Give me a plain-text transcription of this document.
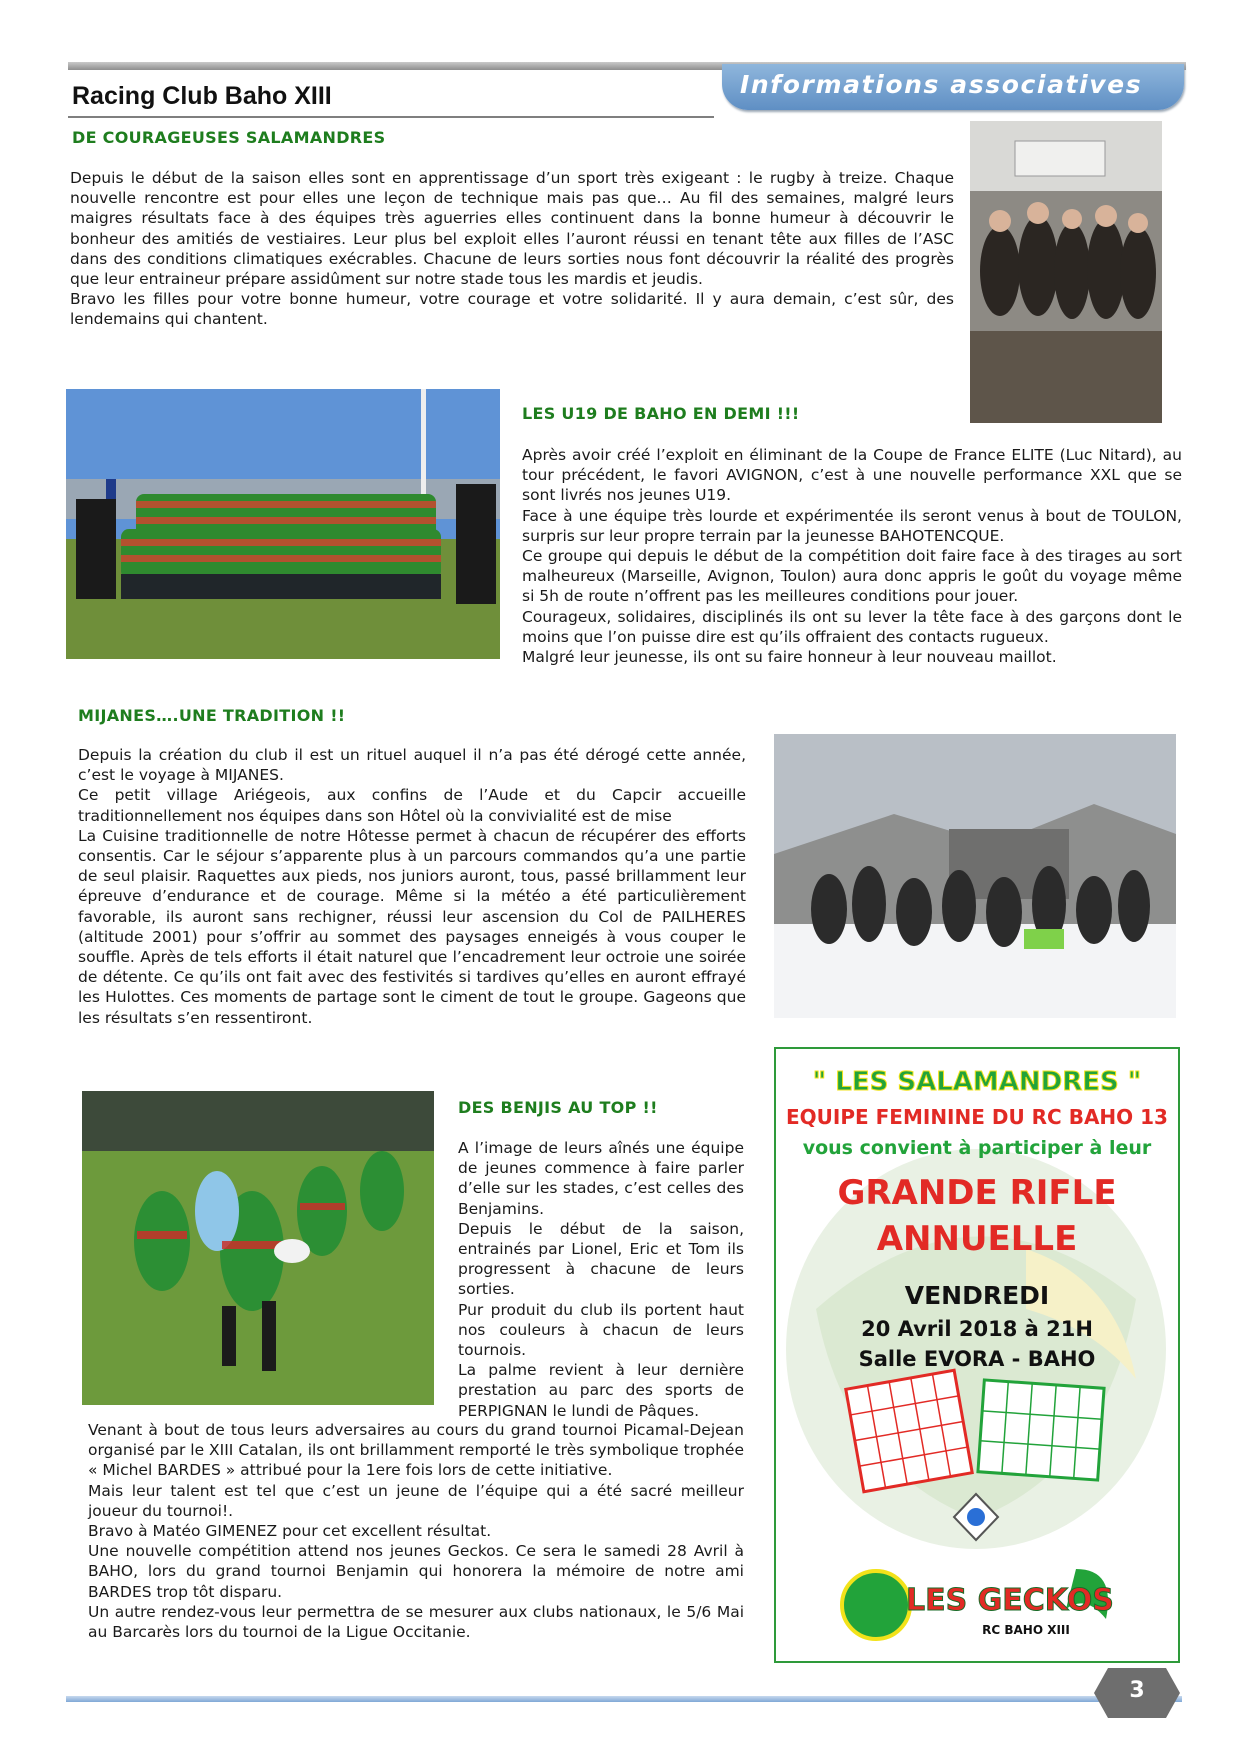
Informations associatives
Racing Club Baho XIII
DE COURAGEUSES SALAMANDRES

Depuis le début de la saison elles sont en apprentissage d’un sport très exigeant : le rugby à treize. Chaque nouvelle rencontre est pour elles une leçon de technique mais pas que… Au fil des semaines, malgré leurs maigres résultats face à des équipes très aguerries elles continuent dans la bonne humeur à découvrir le bonheur des amitiés de vestiaires. Leur plus bel exploit elles l’auront réussi en tenant tête aux filles de l’ASC dans des conditions climatiques exécrables. Chacune de leurs sorties nous font découvrir la réalité des progrès que leur entraineur prépare assidûment sur notre stade tous les mardis et jeudis.

Bravo les filles pour votre bonne humeur, votre courage et votre solidarité. Il y aura demain, c’est sûr, des lendemains qui chantent.

LES U19 DE BAHO EN DEMI !!!

Après avoir créé l’exploit en éliminant de la Coupe de France ELITE (Luc Nitard), au tour précédent, le favori AVIGNON, c’est à une nouvelle performance XXL que se sont livrés nos jeunes U19.

Face à une équipe très lourde et expérimentée ils seront venus à bout de TOULON, surpris sur leur propre terrain par la jeunesse BAHOTENCQUE.

Ce groupe qui depuis le début de la compétition doit faire face à des tirages au sort malheureux (Marseille, Avignon, Toulon) aura donc appris le goût du voyage même si 5h de route n’offrent pas les meilleures conditions pour jouer.

Courageux, solidaires, disciplinés ils ont su lever la tête face à des garçons dont le moins que l’on puisse dire est qu’ils offraient des contacts rugueux.

Malgré leur jeunesse, ils ont su faire honneur à leur nouveau maillot.

MIJANES….UNE TRADITION !!

Depuis la création du club il est un rituel auquel il n’a pas été dérogé cette année, c’est le voyage à MIJANES.

Ce petit village Ariégeois, aux confins de l’Aude et du Capcir accueille traditionnellement nos équipes dans son Hôtel où la convivialité est de mise

La Cuisine traditionnelle de notre Hôtesse permet à chacun de récupérer des efforts consentis. Car le séjour s’apparente plus à un parcours commandos qu’a une partie de seul plaisir. Raquettes aux pieds, nos juniors auront, tous, passé brillamment leur épreuve d’endurance et de courage. Même si la météo a été particulièrement favorable, ils auront sans rechigner, réussi leur ascension du Col de PAILHERES (altitude 2001) pour s’offrir au sommet des paysages enneigés à vous couper le souffle. Après de tels efforts il était naturel que l’encadrement leur octroie une soirée de détente. Ce qu’ils ont fait avec des festivités si tardives qu’elles en auront effrayé les Hulottes. Ces moments de partage sont le ciment de tout le groupe. Gageons que les résultats s’en ressentiront.

DES BENJIS AU TOP !!

A l’image de leurs aînés une équipe de jeunes commence à faire parler d’elle sur les stades, c’est celles des Benjamins.

Depuis le début de la saison, entrainés par Lionel, Eric et Tom ils progressent à chacune de leurs sorties.

Pur produit du club ils portent haut nos couleurs à chacun de leurs tournois.

La palme revient à leur dernière prestation au parc des sports de PERPIGNAN le lundi de Pâques.

Venant à bout de tous leurs adversaires au cours du grand tournoi Picamal-Dejean organisé par le XIII Catalan, ils ont brillamment remporté le très symbolique trophée « Michel BARDES » attribué pour la 1ere fois lors de cette initiative.

Mais leur talent est tel que c’est un jeune de l’équipe qui a été sacré meilleur joueur du tournoi!.

Bravo à Matéo GIMENEZ pour cet excellent résultat.

Une nouvelle compétition attend nos jeunes Geckos. Ce sera le samedi 28 Avril à BAHO, lors du grand tournoi Benjamin qui honorera la mémoire de notre ami BARDES trop tôt disparu.

Un autre rendez-vous leur permettra de se mesurer aux clubs nationaux, le 5/6 Mai au Barcarès lors du tournoi de la Ligue Occitanie.

" LES SALAMANDRES "
EQUIPE FEMININE DU RC BAHO 13
vous convient à participer à leur
GRANDE RIFLE
ANNUELLE
VENDREDI
20 Avril 2018 à 21H
Salle EVORA - BAHO
LES GECKOS
RC BAHO XIII
3
